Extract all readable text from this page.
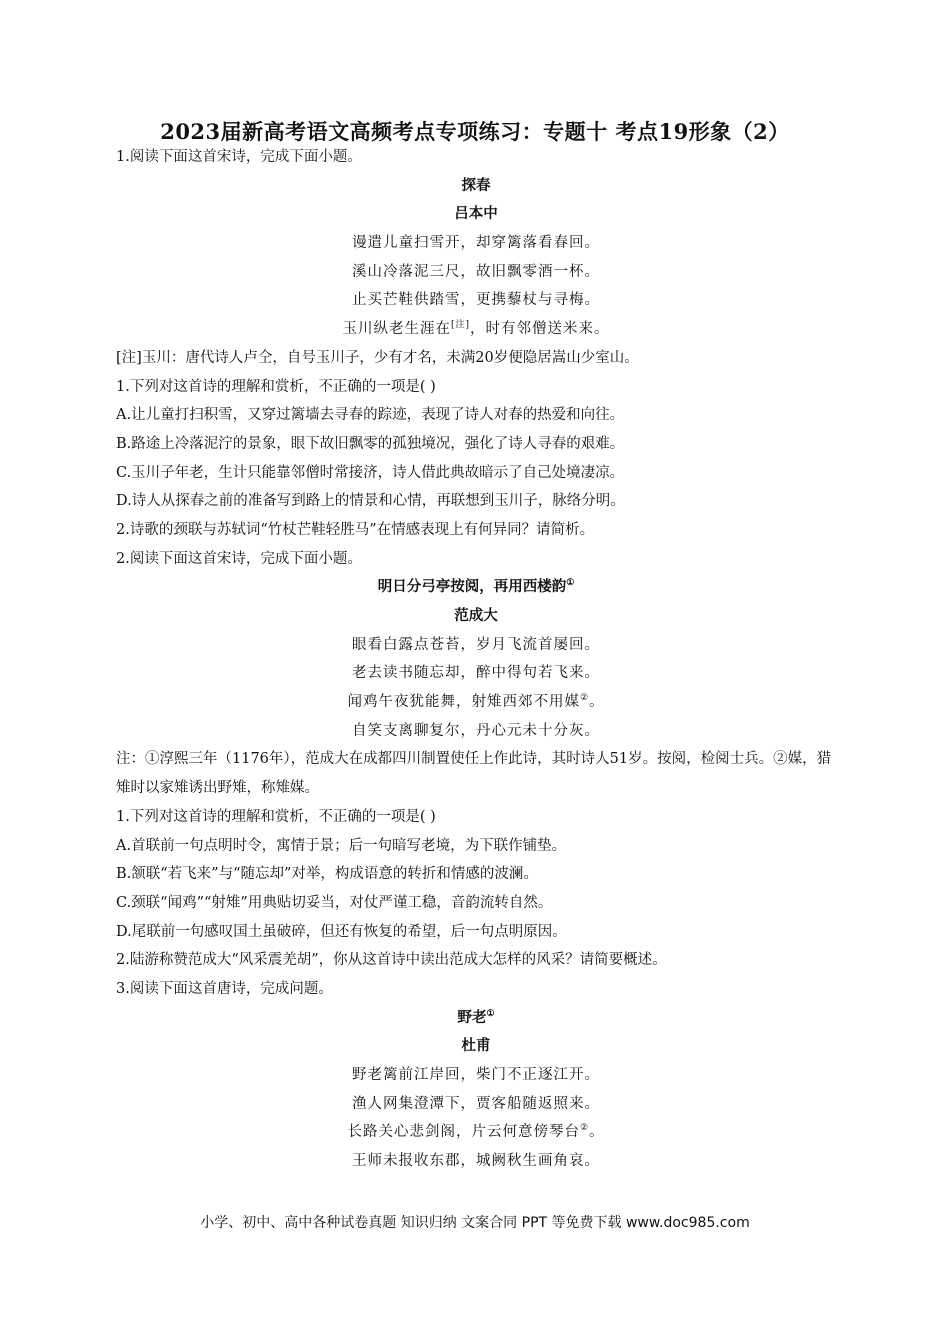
2023届新高考语文高频考点专项练习：专题十 考点19形象（2）
1.阅读下面这首宋诗，完成下面小题。
探春
吕本中
谩遣儿童扫雪开，却穿篱落看春回。
溪山冷落泥三尺，故旧飘零酒一杯。
止买芒鞋供踏雪，更携藜杖与寻梅。
玉川纵老生涯在[注]，时有邻僧送米来。
[注]玉川：唐代诗人卢仝，自号玉川子，少有才名，未满20岁便隐居嵩山少室山。
1.下列对这首诗的理解和赏析，不正确的一项是( )
A.让儿童打扫积雪，又穿过篱墙去寻春的踪迹，表现了诗人对春的热爱和向往。
B.路途上冷落泥泞的景象，眼下故旧飘零的孤独境况，强化了诗人寻春的艰难。
C.玉川子年老，生计只能靠邻僧时常接济，诗人借此典故暗示了自己处境凄凉。
D.诗人从探春之前的准备写到路上的情景和心情，再联想到玉川子，脉络分明。
2.诗歌的颈联与苏轼词“竹杖芒鞋轻胜马”在情感表现上有何异同？请简析。
2.阅读下面这首宋诗，完成下面小题。
明日分弓亭按阅，再用西楼韵①
范成大
眼看白露点苍苔，岁月飞流首屡回。
老去读书随忘却，醉中得句若飞来。
闻鸡午夜犹能舞，射雉西郊不用媒②。
自笑支离聊复尔，丹心元未十分灰。
注：①淳熙三年（1176年），范成大在成都四川制置使任上作此诗，其时诗人51岁。按阅，检阅士兵。②媒，猎雉时以家雉诱出野雉，称雉媒。
1.下列对这首诗的理解和赏析，不正确的一项是( )
A.首联前一句点明时令，寓情于景；后一句暗写老境，为下联作铺垫。
B.颔联“若飞来”与“随忘却”对举，构成语意的转折和情感的波澜。
C.颈联“闻鸡”“射雉”用典贴切妥当，对仗严谨工稳，音韵流转自然。
D.尾联前一句感叹国土虽破碎，但还有恢复的希望，后一句点明原因。
2.陆游称赞范成大“风采震羌胡”，你从这首诗中读出范成大怎样的风采？请简要概述。
3.阅读下面这首唐诗，完成问题。
野老①
杜甫
野老篱前江岸回，柴门不正逐江开。
渔人网集澄潭下，贾客船随返照来。
长路关心悲剑阁，片云何意傍琴台②。
王师未报收东郡，城阙秋生画角哀。
小学、初中、高中各种试卷真题 知识归纳 文案合同 PPT 等免费下载 www.doc985.com
